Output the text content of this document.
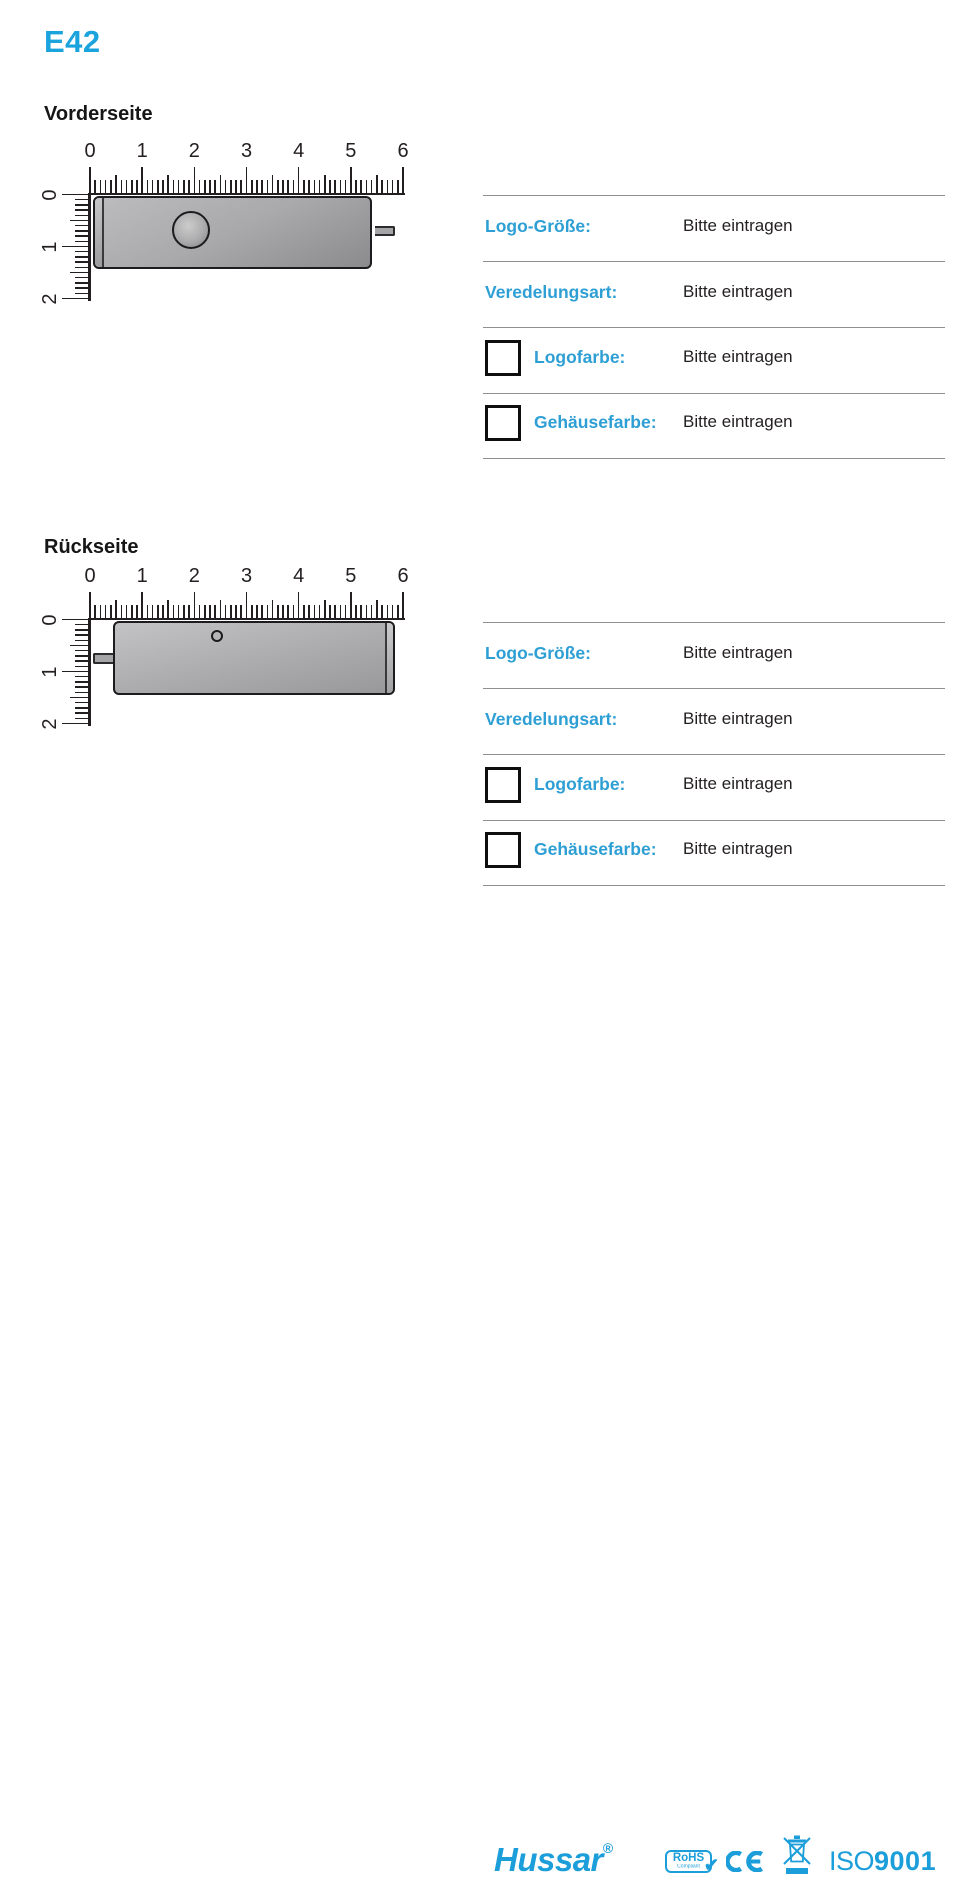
E42
Vorderseite
0	1	2	3	4	5	6
0
1
2
Logo-Größe:	Bitte eintragen
Veredelungsart:	Bitte eintragen
Logofarbe:	Bitte eintragen
Gehäusefarbe: Bitte eintragen
Rückseite
0	1	2	3	4	5	6
0
1
2
Logo-Größe:	Bitte eintragen
Veredelungsart:	Bitte eintragen
Logofarbe:	Bitte eintragen
Gehäusefarbe: Bitte eintragen
Hussar®
RoHS
Compliant ✔	ISO9001
